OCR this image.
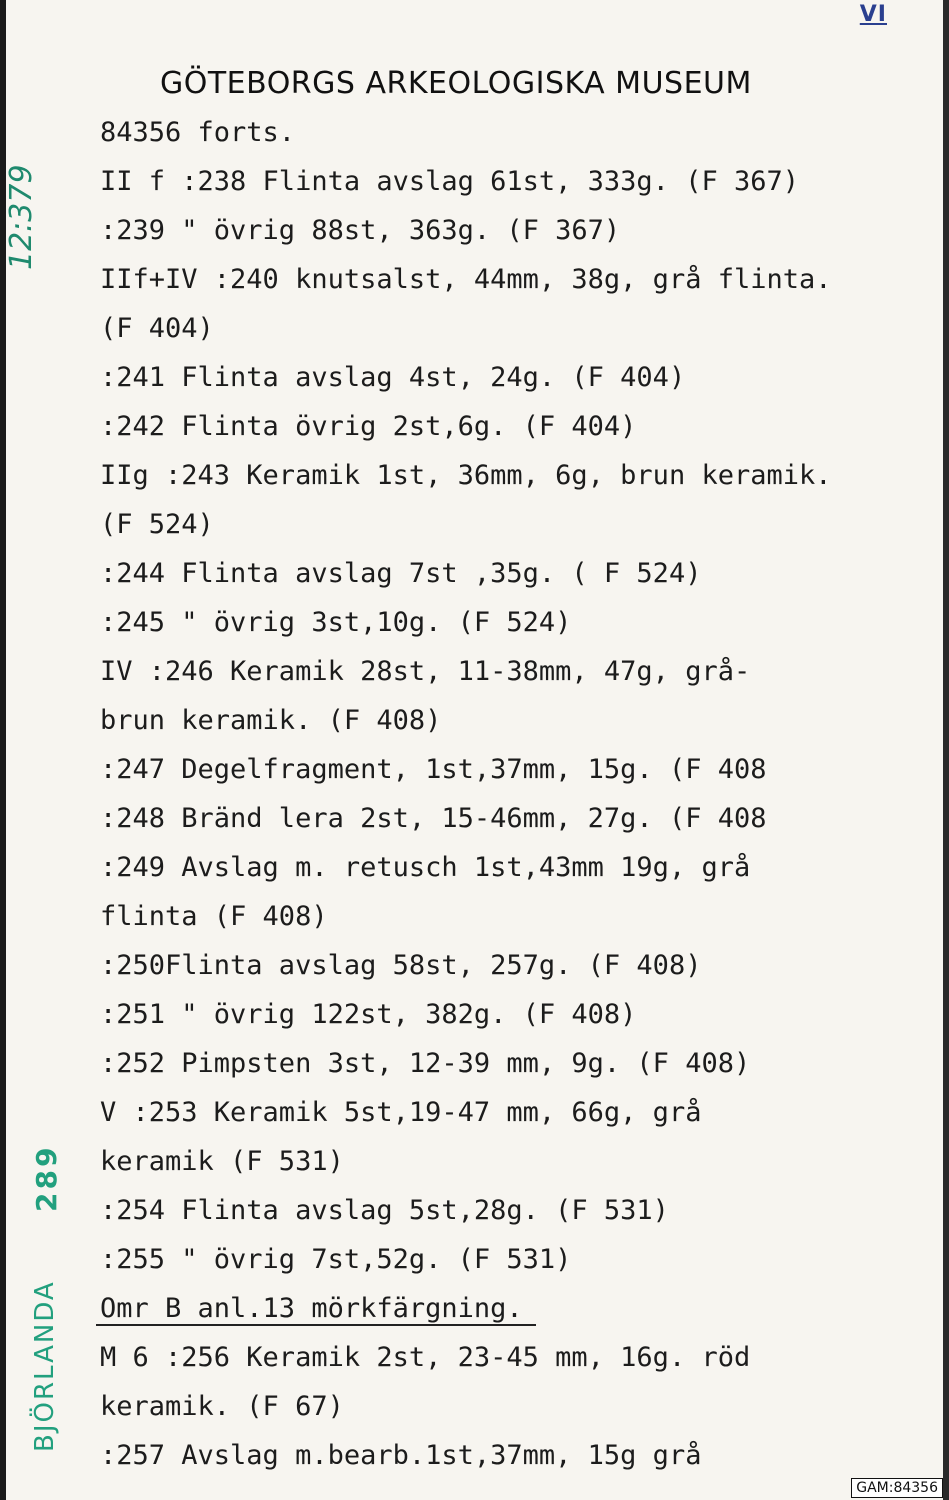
VI
GÖTEBORGS ARKEOLOGISKA MUSEUM
84356 forts.
II f :238 Flinta avslag 61st, 333g. (F 367)
:239 " övrig 88st, 363g. (F 367)
IIf+IV :240 knutsalst, 44mm, 38g, grå flinta.
(F 404)
:241 Flinta avslag 4st, 24g. (F 404)
:242 Flinta övrig 2st,6g. (F 404)
IIg :243 Keramik 1st, 36mm, 6g, brun keramik.
(F 524)
:244 Flinta avslag 7st ,35g. ( F 524)
:245 " övrig 3st,10g. (F 524)
IV :246 Keramik 28st, 11-38mm, 47g, grå-
brun keramik. (F 408)
:247 Degelfragment, 1st,37mm, 15g. (F 408
:248 Bränd lera 2st, 15-46mm, 27g. (F 408
:249 Avslag m. retusch 1st,43mm 19g, grå
flinta (F 408)
:250Flinta avslag 58st, 257g. (F 408)
:251 " övrig 122st, 382g. (F 408)
:252 Pimpsten 3st, 12-39 mm, 9g. (F 408)
V :253 Keramik 5st,19-47 mm, 66g, grå
keramik (F 531)
:254 Flinta avslag 5st,28g. (F 531)
:255 " övrig 7st,52g. (F 531)
Omr B anl.13 mörkfärgning.
M 6 :256 Keramik 2st, 23-45 mm, 16g. röd
keramik. (F 67)
:257 Avslag m.bearb.1st,37mm, 15g grå
12:379
BJÖRLANDA
289
GAM:84356
